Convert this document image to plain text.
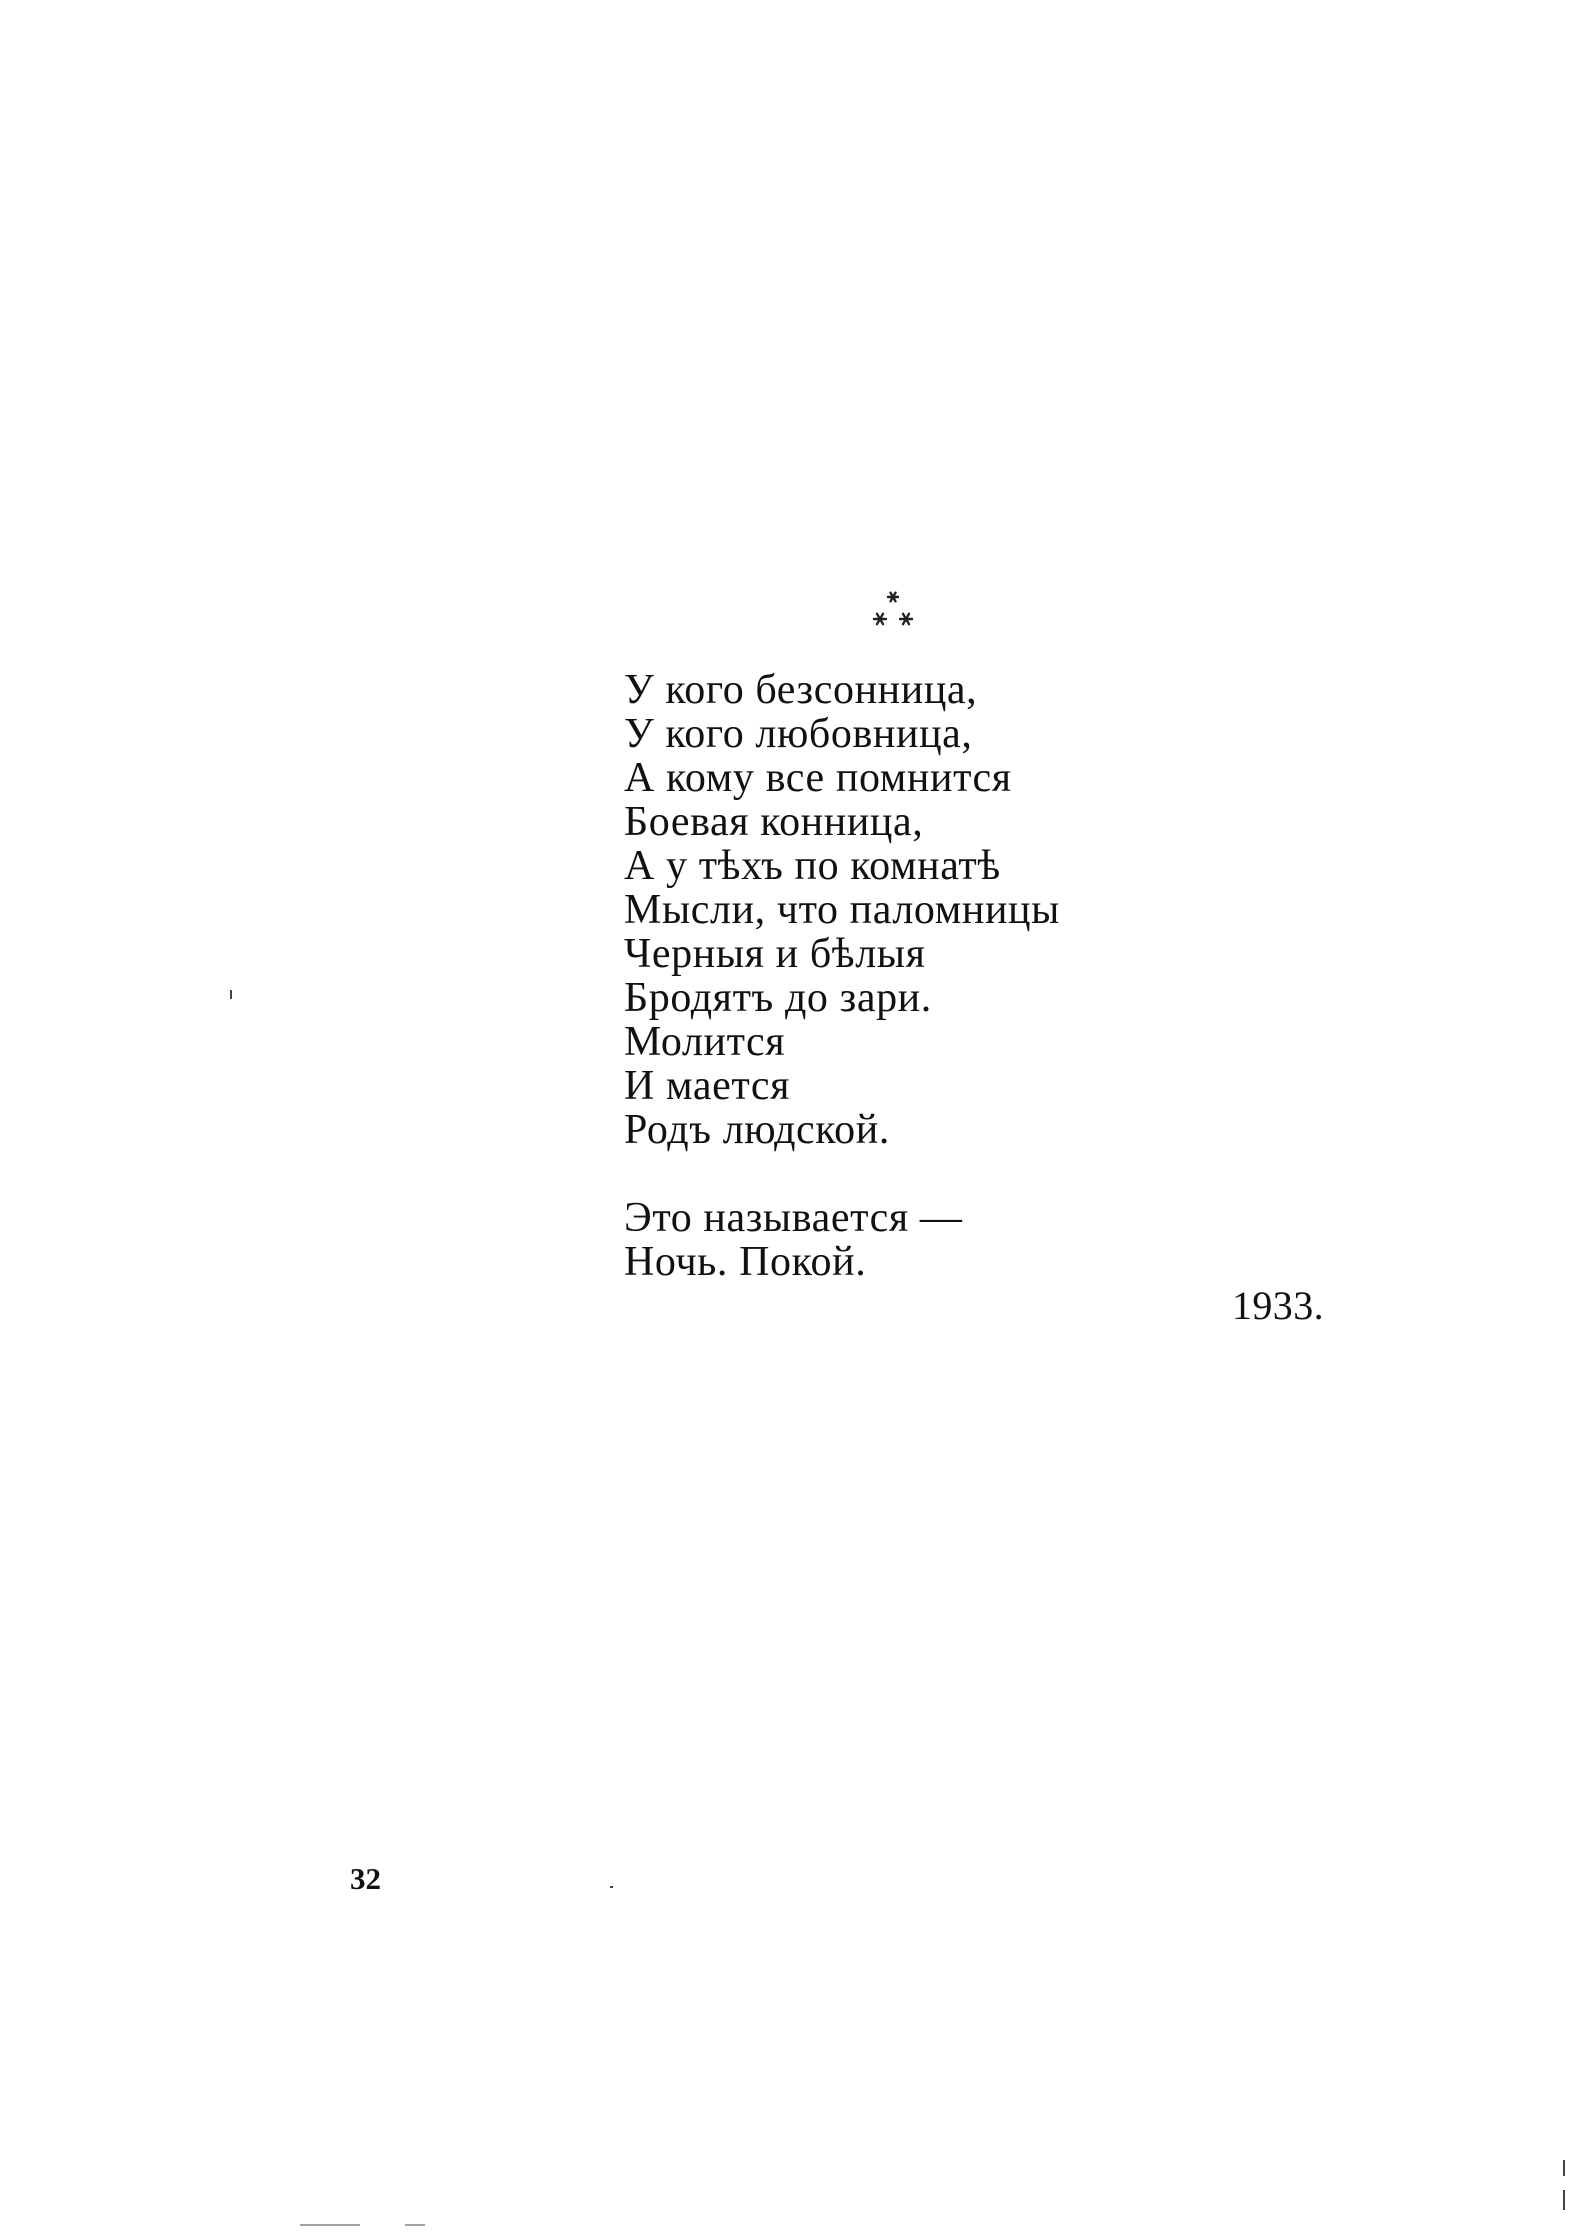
У кого безсонница,
У кого любовница,
А кому все помнится
Боевая конница,
А у тѣхъ по комнатѣ
Мысли, что паломницы
Черныя и бѣлыя
Бродятъ до зари.
Молится
И мается
Родъ людской.
Это называется —
Ночь. Покой.
1933.
32
